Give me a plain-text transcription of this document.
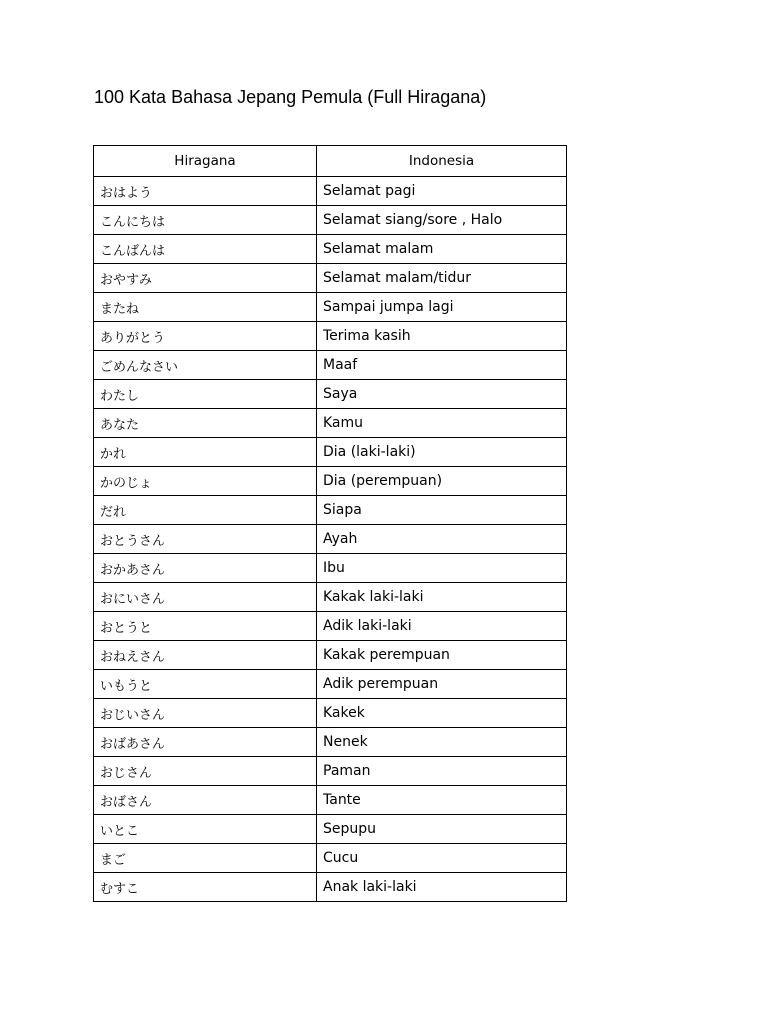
100 Kata Bahasa Jepang Pemula (Full Hiragana)
Hiragana	Indonesia
おはよう	Selamat pagi
こんにちは	Selamat siang/sore , Halo
こんばんは	Selamat malam
おやすみ	Selamat malam/tidur
またね	Sampai jumpa lagi
ありがとう	Terima kasih
ごめんなさい	Maaf
わたし	Saya
あなた	Kamu
かれ	Dia (laki-laki)
かのじょ	Dia (perempuan)
だれ	Siapa
おとうさん	Ayah
おかあさん	Ibu
おにいさん	Kakak laki-laki
おとうと	Adik laki-laki
おねえさん	Kakak perempuan
いもうと	Adik perempuan
おじいさん	Kakek
おばあさん	Nenek
おじさん	Paman
おばさん	Tante
いとこ	Sepupu
まご	Cucu
むすこ	Anak laki-laki
